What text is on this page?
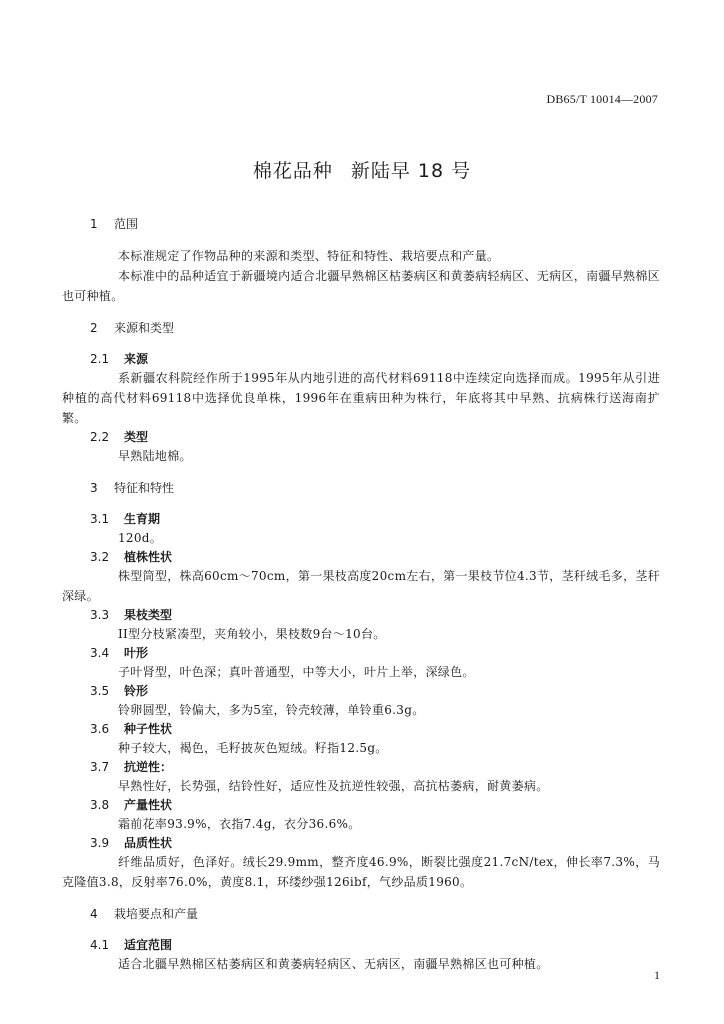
DB65/T 10014—2007
棉花品种 新陆早 18 号
1 范围

本标准规定了作物品种的来源和类型、特征和特性、栽培要点和产量。

本标准中的品种适宜于新疆境内适合北疆早熟棉区枯萎病区和黄萎病轻病区、无病区，南疆早熟棉区也可种植。

2 来源和类型
2.1 来源

系新疆农科院经作所于1995年从内地引进的高代材料69118中连续定向选择而成。1995年从引进种植的高代材料69118中选择优良单株，1996年在重病田种为株行，年底将其中早熟、抗病株行送海南扩繁。

2.2 类型

早熟陆地棉。

3 特征和特性
3.1 生育期

120d。

3.2 植株性状

株型筒型，株高60cm～70cm，第一果枝高度20cm左右，第一果枝节位4.3节，茎秆绒毛多，茎秆深绿。

3.3 果枝类型

II型分枝紧凑型，夹角较小，果枝数9台～10台。

3.4 叶形

子叶肾型，叶色深；真叶普通型，中等大小，叶片上举，深绿色。

3.5 铃形

铃卵圆型，铃偏大，多为5室，铃壳较薄，单铃重6.3g。

3.6 种子性状

种子较大，褐色，毛籽披灰色短绒。籽指12.5g。

3.7 抗逆性：

早熟性好，长势强，结铃性好，适应性及抗逆性较强，高抗枯萎病，耐黄萎病。

3.8 产量性状

霜前花率93.9%，衣指7.4g，衣分36.6%。

3.9 品质性状

纤维品质好，色泽好。绒长29.9mm，整齐度46.9%，断裂比强度21.7cN/tex，伸长率7.3%，马克隆值3.8，反射率76.0%，黄度8.1，环缕纱强126ibf，气纱品质1960。

4 栽培要点和产量
4.1 适宜范围

适合北疆早熟棉区枯萎病区和黄萎病轻病区、无病区，南疆早熟棉区也可种植。

1
